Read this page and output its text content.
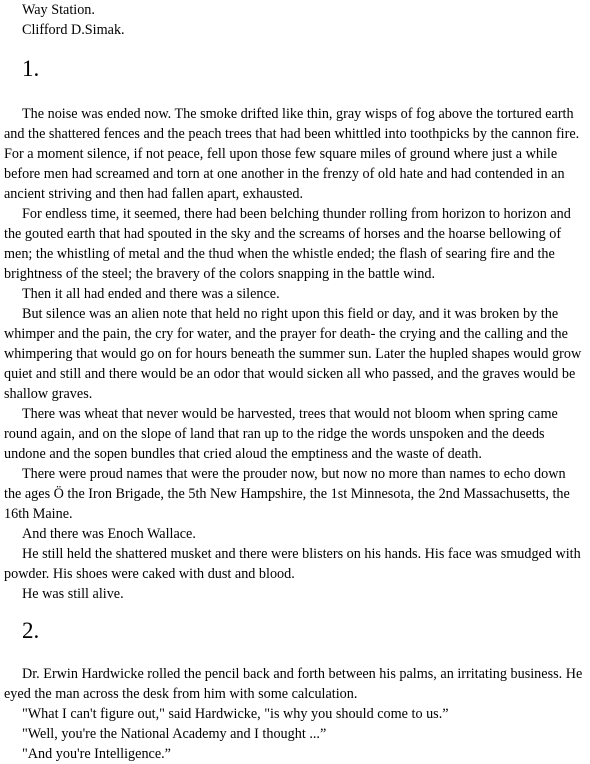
Way Station.
Clifford D.Simak.
1.

The noise was ended now. The smoke drifted like thin, gray wisps of fog above the tortured earth and the shattered fences and the peach trees that had been whittled into toothpicks by the cannon fire. For a moment silence, if not peace, fell upon those few square miles of ground where just a while before men had screamed and torn at one another in the frenzy of old hate and had contended in an ancient striving and then had fallen apart, exhausted.

For endless time, it seemed, there had been belching thunder rolling from horizon to horizon and the gouted earth that had spouted in the sky and the screams of horses and the hoarse bellowing of men; the whistling of metal and the thud when the whistle ended; the flash of searing fire and the brightness of the steel; the bravery of the colors snapping in the battle wind.

Then it all had ended and there was a silence.

But silence was an alien note that held no right upon this field or day, and it was broken by the whimper and the pain, the cry for water, and the prayer for death- the crying and the calling and the whimpering that would go on for hours beneath the summer sun. Later the hupled shapes would grow quiet and still and there would be an odor that would sicken all who passed, and the graves would be shallow graves.

There was wheat that never would be harvested, trees that would not bloom when spring came round again, and on the slope of land that ran up to the ridge the words unspoken and the deeds undone and the sopen bundles that cried aloud the emptiness and the waste of death.

There were proud names that were the prouder now, but now no more than names to echo down the ages Ö the Iron Brigade, the 5th New Hampshire, the 1st Minnesota, the 2nd Massachusetts, the 16th Maine.

And there was Enoch Wallace.

He still held the shattered musket and there were blisters on his hands. His face was smudged with powder. His shoes were caked with dust and blood.

He was still alive.

2.

Dr. Erwin Hardwicke rolled the pencil back and forth between his palms, an irritating business. He eyed the man across the desk from him with some calculation.

"What I can't figure out," said Hardwicke, "is why you should come to us.”

"Well, you're the National Academy and I thought ...”

"And you're Intelligence.”
